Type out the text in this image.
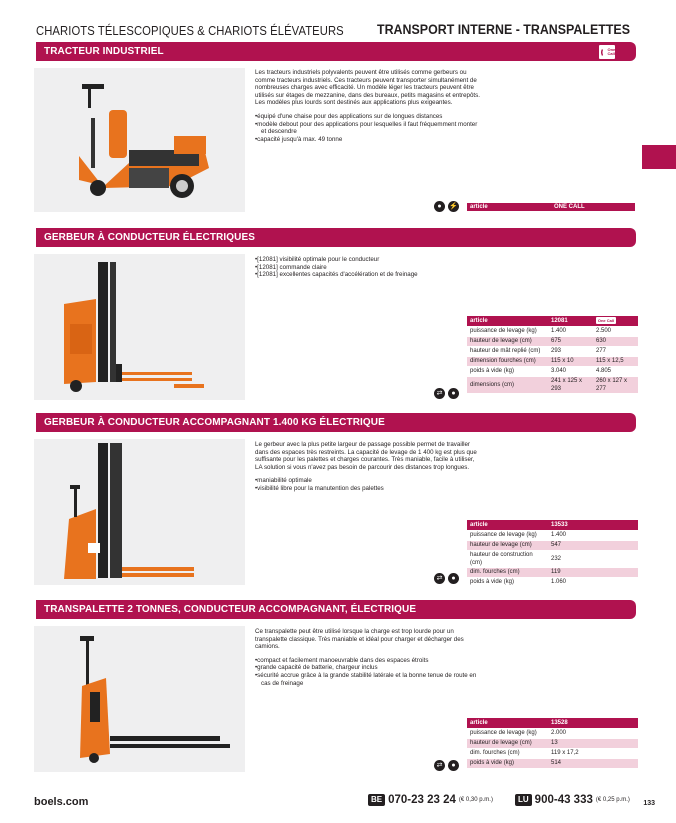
CHARIOTS TÉLESCOPIQUES & CHARIOTS ÉLÉVATEURS TRANSPORT INTERNE - TRANSPALETTES
TRACTEUR INDUSTRIEL	One Call

Les tracteurs industriels polyvalents peuvent être utilisés comme gerbeurs ou comme tracteurs industriels. Ces tracteurs peuvent transporter simultanément de nombreuses charges avec efficacité. Un modèle léger les tracteurs peuvent être utilisés sur étages de mezzanine, dans des bureaux, petits magasins et entrepôts. Les modèles plus lourds sont destinés aux applications plus exigeantes.

• équipé d'une chaise pour des applications sur de longues distances
• modèle debout pour des applications pour lesquelles il faut fréquemment monter et descendre
• capacité jusqu'à max. 49 tonne
●	⚡	article	ONE CALL
GERBEUR À CONDUCTEUR ÉLECTRIQUES
• [12081] visibilité optimale pour le conducteur
• [12081] commande claire
• [12081] excellentes capacités d'accélération et de freinage
article	12081	One Call
puissance de levage (kg)	1.400	2.500
hauteur de levage (cm)	675	630
hauteur de mât replié (cm)	293	277
dimension fourches (cm)	115 x 10	115 x 12,5
poids à vide (kg)	3.040	4.805
dimensions (cm)	241 x 125 x 293	260 x 127 x 277
⇄	●
GERBEUR À CONDUCTEUR ACCOMPAGNANT 1.400 KG ÉLECTRIQUE

Le gerbeur avec la plus petite largeur de passage possible permet de travailler dans des espaces très restreints. La capacité de levage de 1 400 kg est plus que suffisante pour les palettes et charges courantes. Très maniable, facile à utiliser, LA solution si vous n'avez pas besoin de parcourir des distances trop longues.

• maniabilité optimale
• visibilité libre pour la manutention des palettes
article	13533	
puissance de levage (kg)	1.400	
hauteur de levage (cm)	547	
hauteur de construction (cm)	232	
dim. fourches (cm)	119	
poids à vide (kg)	1.060	
⇄	●
TRANSPALETTE 2 TONNES, CONDUCTEUR ACCOMPAGNANT, ÉLECTRIQUE

Ce transpalette peut être utilisé lorsque la charge est trop lourde pour un transpalette classique. Très maniable et idéal pour charger et décharger des camions.

• compact et facilement manoeuvrable dans des espaces étroits
• grande capacité de batterie, chargeur inclus
• sécurité accrue grâce à la grande stabilité latérale et la bonne tenue de route en cas de freinage
article	13528	
puissance de levage (kg)	2.000	
hauteur de levage (cm)	13	
dim. fourches (cm)	119 x 17,2	
poids à vide (kg)	514	
⇄	●
boels.com	BE 070-23 23 24 (€ 0,30 p.m.)	LU 900-43 333 (€ 0,25 p.m.) 133
